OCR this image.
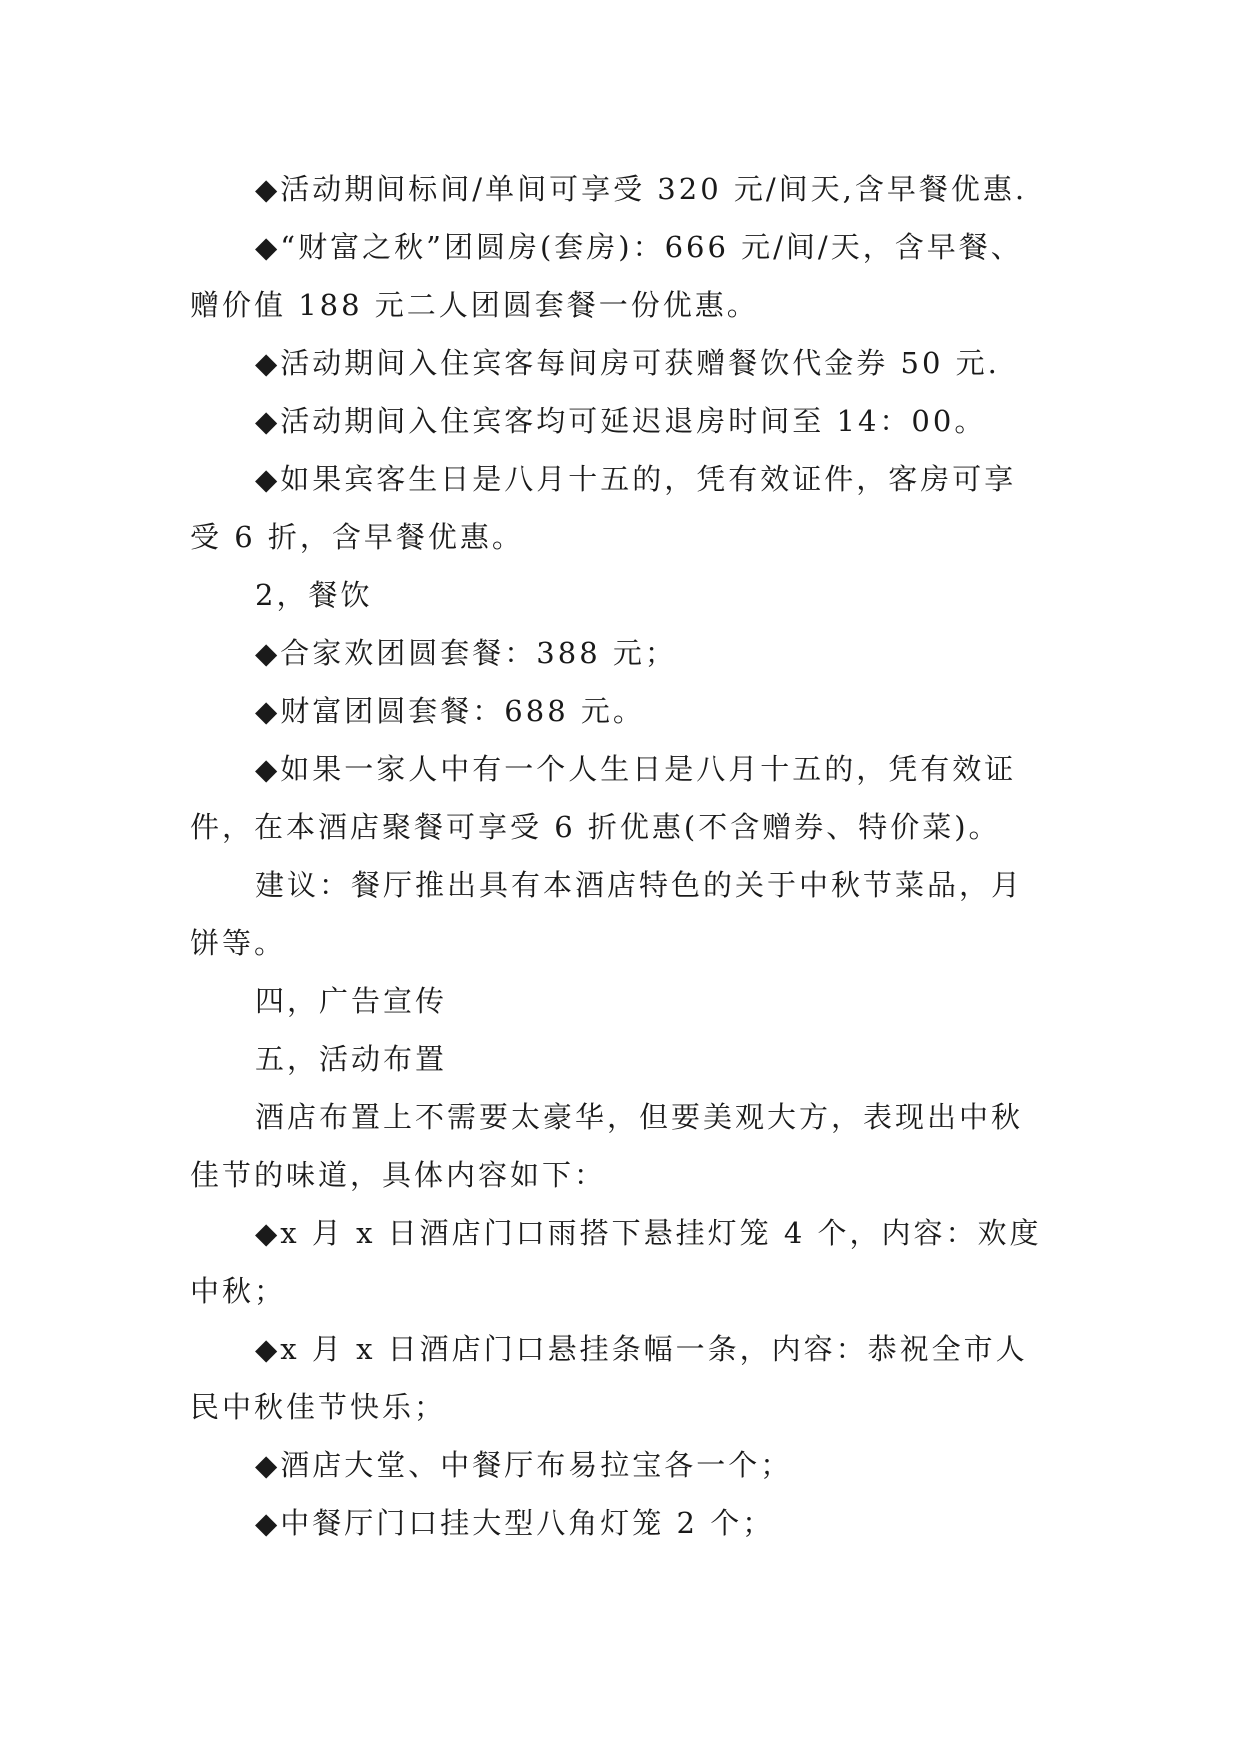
◆活动期间标间/单间可享受 320 元/间天,含早餐优惠.

◆“财富之秋”团圆房(套房)：666 元/间/天，含早餐、
赠价值 188 元二人团圆套餐一份优惠。

◆活动期间入住宾客每间房可获赠餐饮代金券 50 元.

◆活动期间入住宾客均可延迟退房时间至 14：00。

◆如果宾客生日是八月十五的，凭有效证件，客房可享
受 6 折，含早餐优惠。

2，餐饮

◆合家欢团圆套餐：388 元；

◆财富团圆套餐：688 元。

◆如果一家人中有一个人生日是八月十五的，凭有效证
件，在本酒店聚餐可享受 6 折优惠(不含赠券、特价菜)。

建议：餐厅推出具有本酒店特色的关于中秋节菜品，月
饼等。

四，广告宣传

五，活动布置

酒店布置上不需要太豪华，但要美观大方，表现出中秋
佳节的味道，具体内容如下：

◆x 月 x 日酒店门口雨搭下悬挂灯笼 4 个，内容：欢度
中秋；

◆x 月 x 日酒店门口悬挂条幅一条，内容：恭祝全市人
民中秋佳节快乐；

◆酒店大堂、中餐厅布易拉宝各一个；

◆中餐厅门口挂大型八角灯笼 2 个；
